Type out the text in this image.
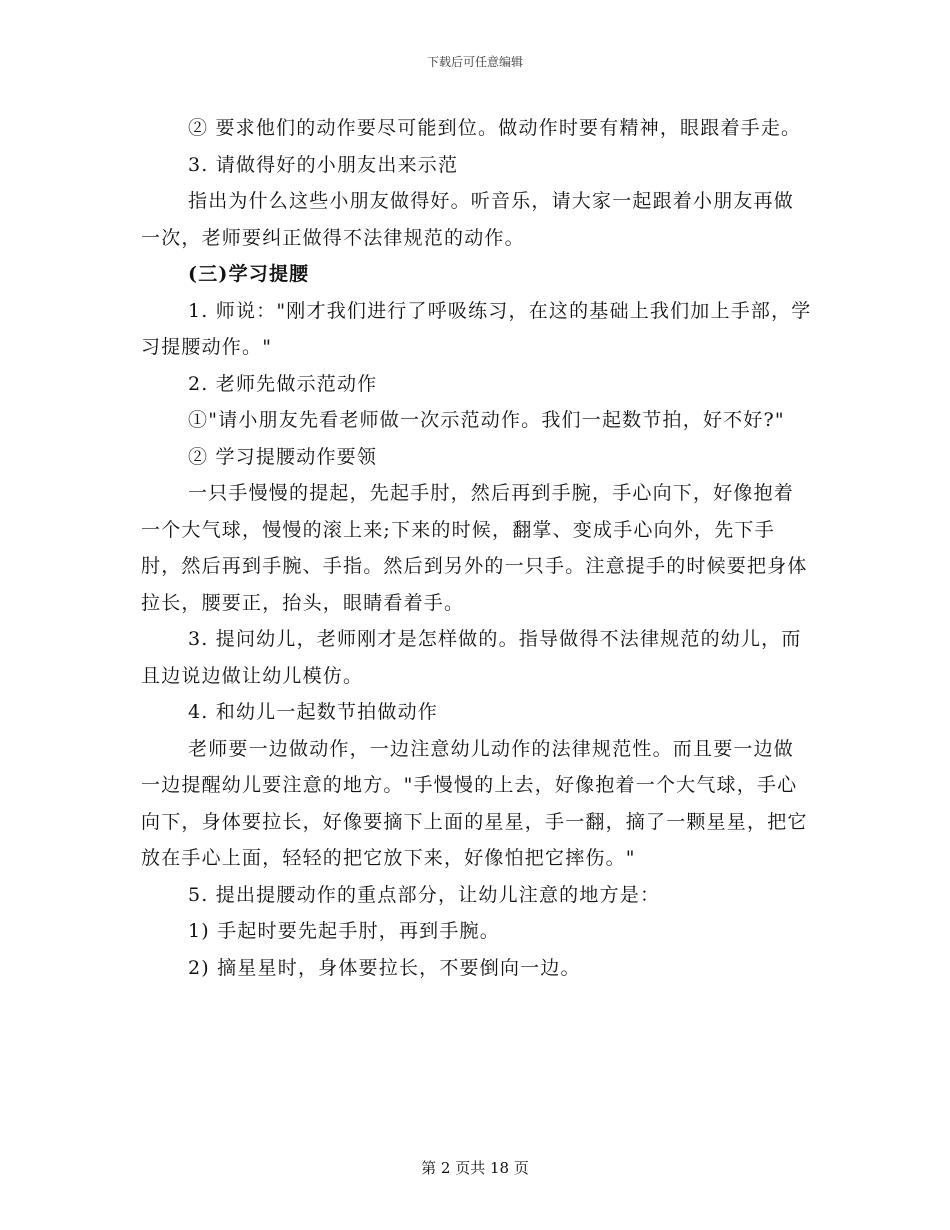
下载后可任意编辑

② 要求他们的动作要尽可能到位。做动作时要有精神，眼跟着手走。

3. 请做得好的小朋友出来示范

指出为什么这些小朋友做得好。听音乐，请大家一起跟着小朋友再做一次，老师要纠正做得不法律规范的动作。

(三)学习提腰

1. 师说："刚才我们进行了呼吸练习，在这的基础上我们加上手部，学习提腰动作。"

2. 老师先做示范动作

①"请小朋友先看老师做一次示范动作。我们一起数节拍，好不好?"

② 学习提腰动作要领

一只手慢慢的提起，先起手肘，然后再到手腕，手心向下，好像抱着一个大气球，慢慢的滚上来;下来的时候，翻掌、变成手心向外，先下手肘，然后再到手腕、手指。然后到另外的一只手。注意提手的时候要把身体拉长，腰要正，抬头，眼睛看着手。

3. 提问幼儿，老师刚才是怎样做的。指导做得不法律规范的幼儿，而且边说边做让幼儿模仿。

4. 和幼儿一起数节拍做动作

老师要一边做动作，一边注意幼儿动作的法律规范性。而且要一边做一边提醒幼儿要注意的地方。"手慢慢的上去，好像抱着一个大气球，手心向下，身体要拉长，好像要摘下上面的星星，手一翻，摘了一颗星星，把它放在手心上面，轻轻的把它放下来，好像怕把它摔伤。"

5. 提出提腰动作的重点部分，让幼儿注意的地方是：

1) 手起时要先起手肘，再到手腕。

2) 摘星星时，身体要拉长，不要倒向一边。

第 2 页共 18 页
